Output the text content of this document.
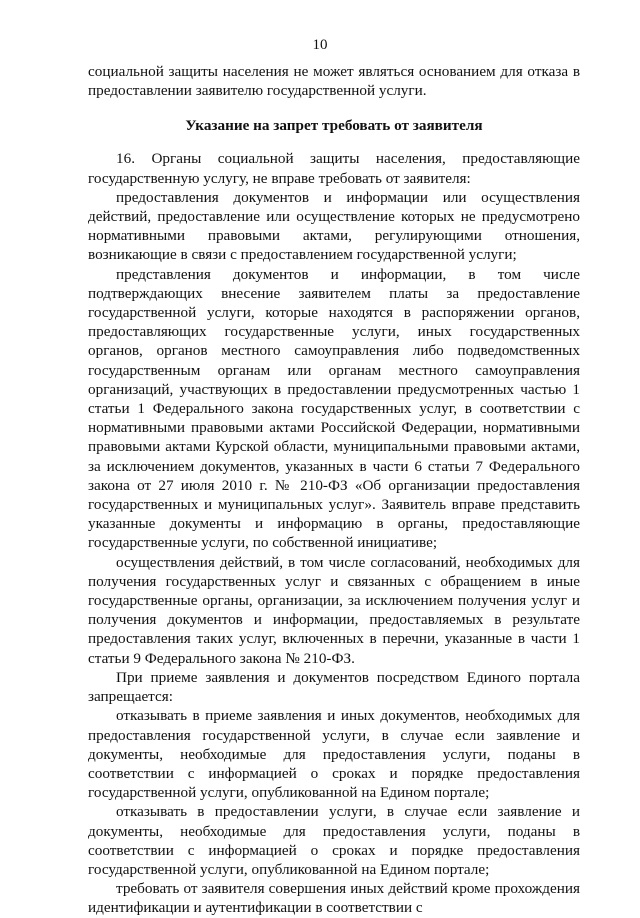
10

социальной защиты населения не может являться основанием для отказа в предоставлении заявителю государственной услуги.

Указание на запрет требовать от заявителя

16. Органы социальной защиты населения, предоставляющие государственную услугу, не вправе требовать от заявителя:

предоставления документов и информации или осуществления действий, предоставление или осуществление которых не предусмотрено нормативными правовыми актами, регулирующими отношения, возникающие в связи с предоставлением государственной услуги;

представления документов и информации, в том числе подтверждающих внесение заявителем платы за предоставление государственной услуги, которые находятся в распоряжении органов, предоставляющих государственные услуги, иных государственных органов, органов местного самоуправления либо подведомственных государственным органам или органам местного самоуправления организаций, участвующих в предоставлении предусмотренных частью 1 статьи 1 Федерального закона государственных услуг, в соответствии с нормативными правовыми актами Российской Федерации, нормативными правовыми актами Курской области, муниципальными правовыми актами, за исключением документов, указанных в части 6 статьи 7 Федерального закона от 27 июля 2010 г. № 210-ФЗ «Об организации предоставления государственных и муниципальных услуг». Заявитель вправе представить указанные документы и информацию в органы, предоставляющие государственные услуги, по собственной инициативе;

осуществления действий, в том числе согласований, необходимых для получения государственных услуг и связанных с обращением в иные государственные органы, организации, за исключением получения услуг и получения документов и информации, предоставляемых в результате предоставления таких услуг, включенных в перечни, указанные в части 1 статьи 9 Федерального закона № 210-ФЗ.

При приеме заявления и документов посредством Единого портала запрещается:

отказывать в приеме заявления и иных документов, необходимых для предоставления государственной услуги, в случае если заявление и документы, необходимые для предоставления услуги, поданы в соответствии с информацией о сроках и порядке предоставления государственной услуги, опубликованной на Едином портале;

отказывать в предоставлении услуги, в случае если заявление и документы, необходимые для предоставления услуги, поданы в соответствии с информацией о сроках и порядке предоставления государственной услуги, опубликованной на Едином портале;

требовать от заявителя совершения иных действий кроме прохождения идентификации и аутентификации в соответствии с
